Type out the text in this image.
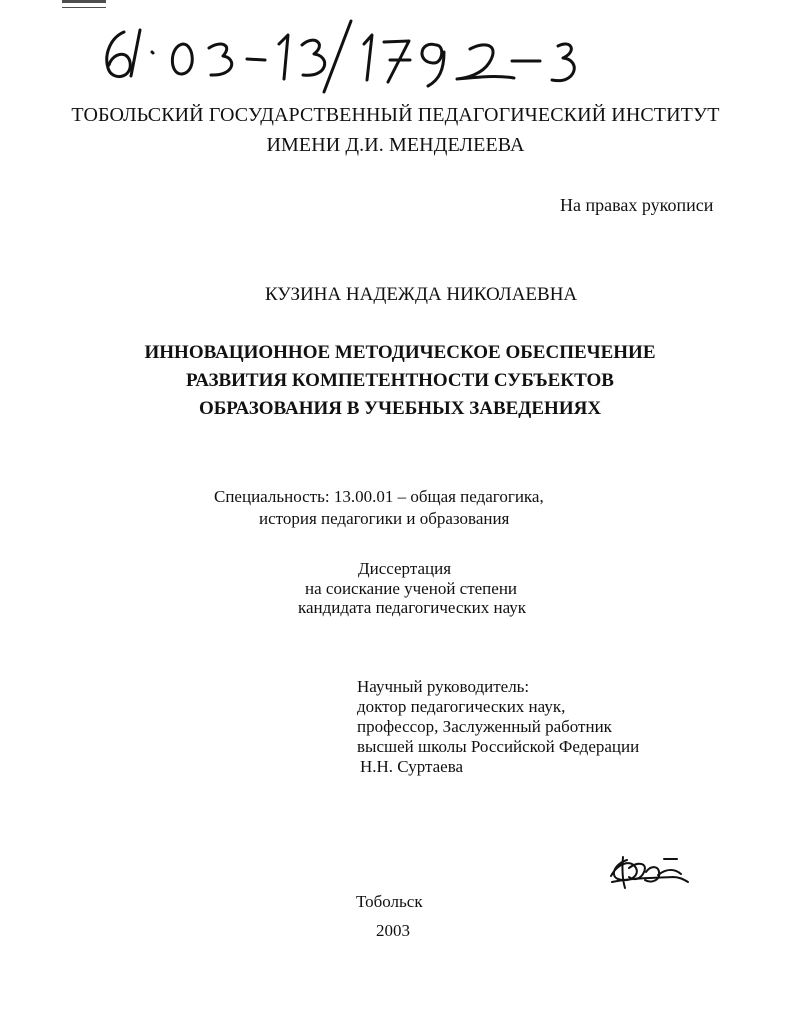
ТОБОЛЬСКИЙ ГОСУДАРСТВЕННЫЙ ПЕДАГОГИЧЕСКИЙ ИНСТИТУТ
ИМЕНИ Д.И. МЕНДЕЛЕЕВА
На правах рукописи
КУЗИНА НАДЕЖДА НИКОЛАЕВНА
ИННОВАЦИОННОЕ МЕТОДИЧЕСКОЕ ОБЕСПЕЧЕНИЕ
РАЗВИТИЯ КОМПЕТЕНТНОСТИ СУБЪЕКТОВ
ОБРАЗОВАНИЯ В УЧЕБНЫХ ЗАВЕДЕНИЯХ
Специальность: 13.00.01 – общая педагогика,
история педагогики и образования
Диссертация
на соискание ученой степени
кандидата педагогических наук
Научный руководитель:
доктор педагогических наук,
профессор, Заслуженный работник
высшей школы Российской Федерации
Н.Н. Суртаева
Тобольск
2003
